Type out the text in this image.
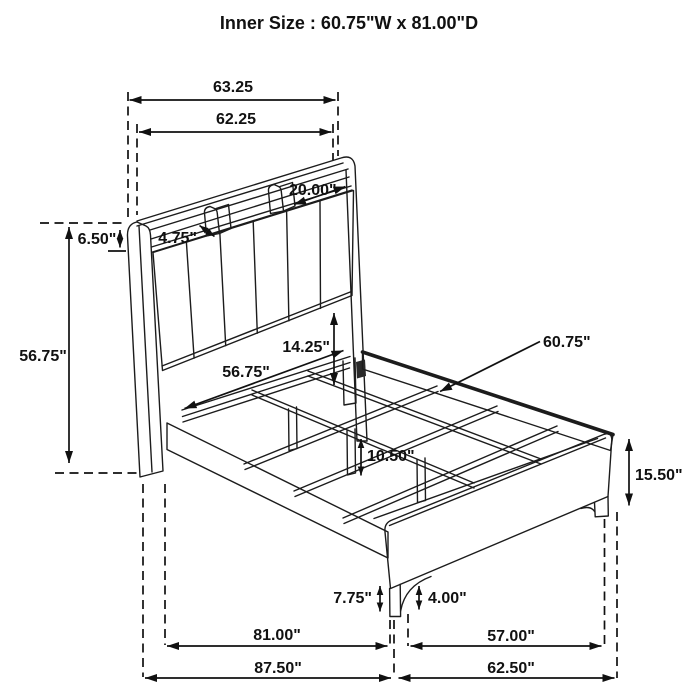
Inner Size : 60.75"W x 81.00"D
63.25
62.25
20.00"
4.75"
6.50"
56.75"
14.25"
56.75"
60.75"
10.50"
15.50"
7.75"	4.00"
81.00"	57.00"
87.50"	62.50"
